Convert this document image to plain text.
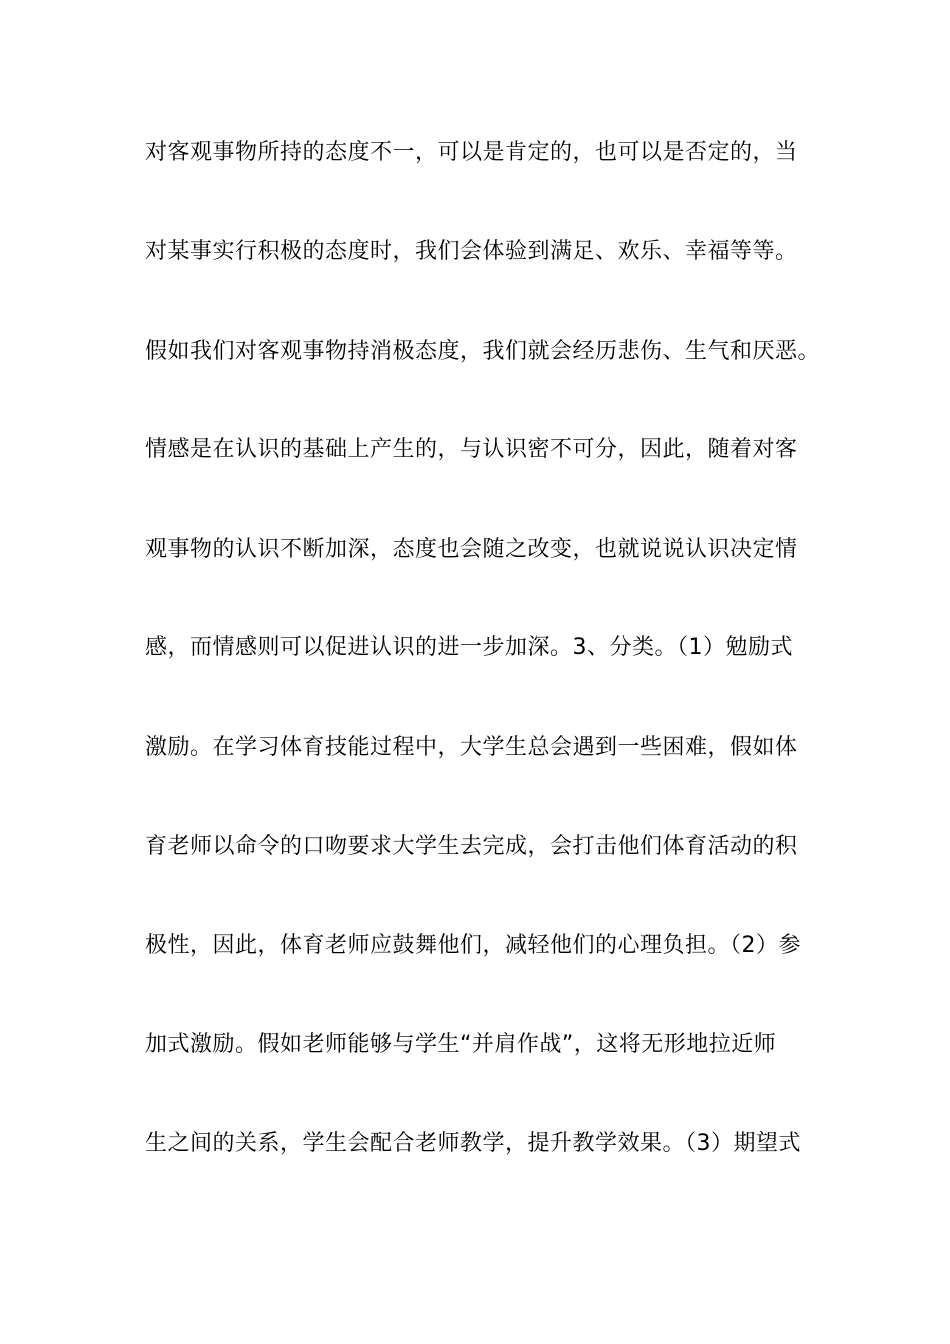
对客观事物所持的态度不一，可以是肯定的，也可以是否定的，当
对某事实行积极的态度时，我们会体验到满足、欢乐、幸福等等。
假如我们对客观事物持消极态度，我们就会经历悲伤、生气和厌恶。
情感是在认识的基础上产生的，与认识密不可分，因此，随着对客
观事物的认识不断加深，态度也会随之改变，也就说说认识决定情
感，而情感则可以促进认识的进一步加深。3、分类。（1）勉励式
激励。在学习体育技能过程中，大学生总会遇到一些困难，假如体
育老师以命令的口吻要求大学生去完成，会打击他们体育活动的积
极性，因此，体育老师应鼓舞他们，减轻他们的心理负担。（2）参
加式激励。假如老师能够与学生“并肩作战”，这将无形地拉近师
生之间的关系，学生会配合老师教学，提升教学效果。（3）期望式
